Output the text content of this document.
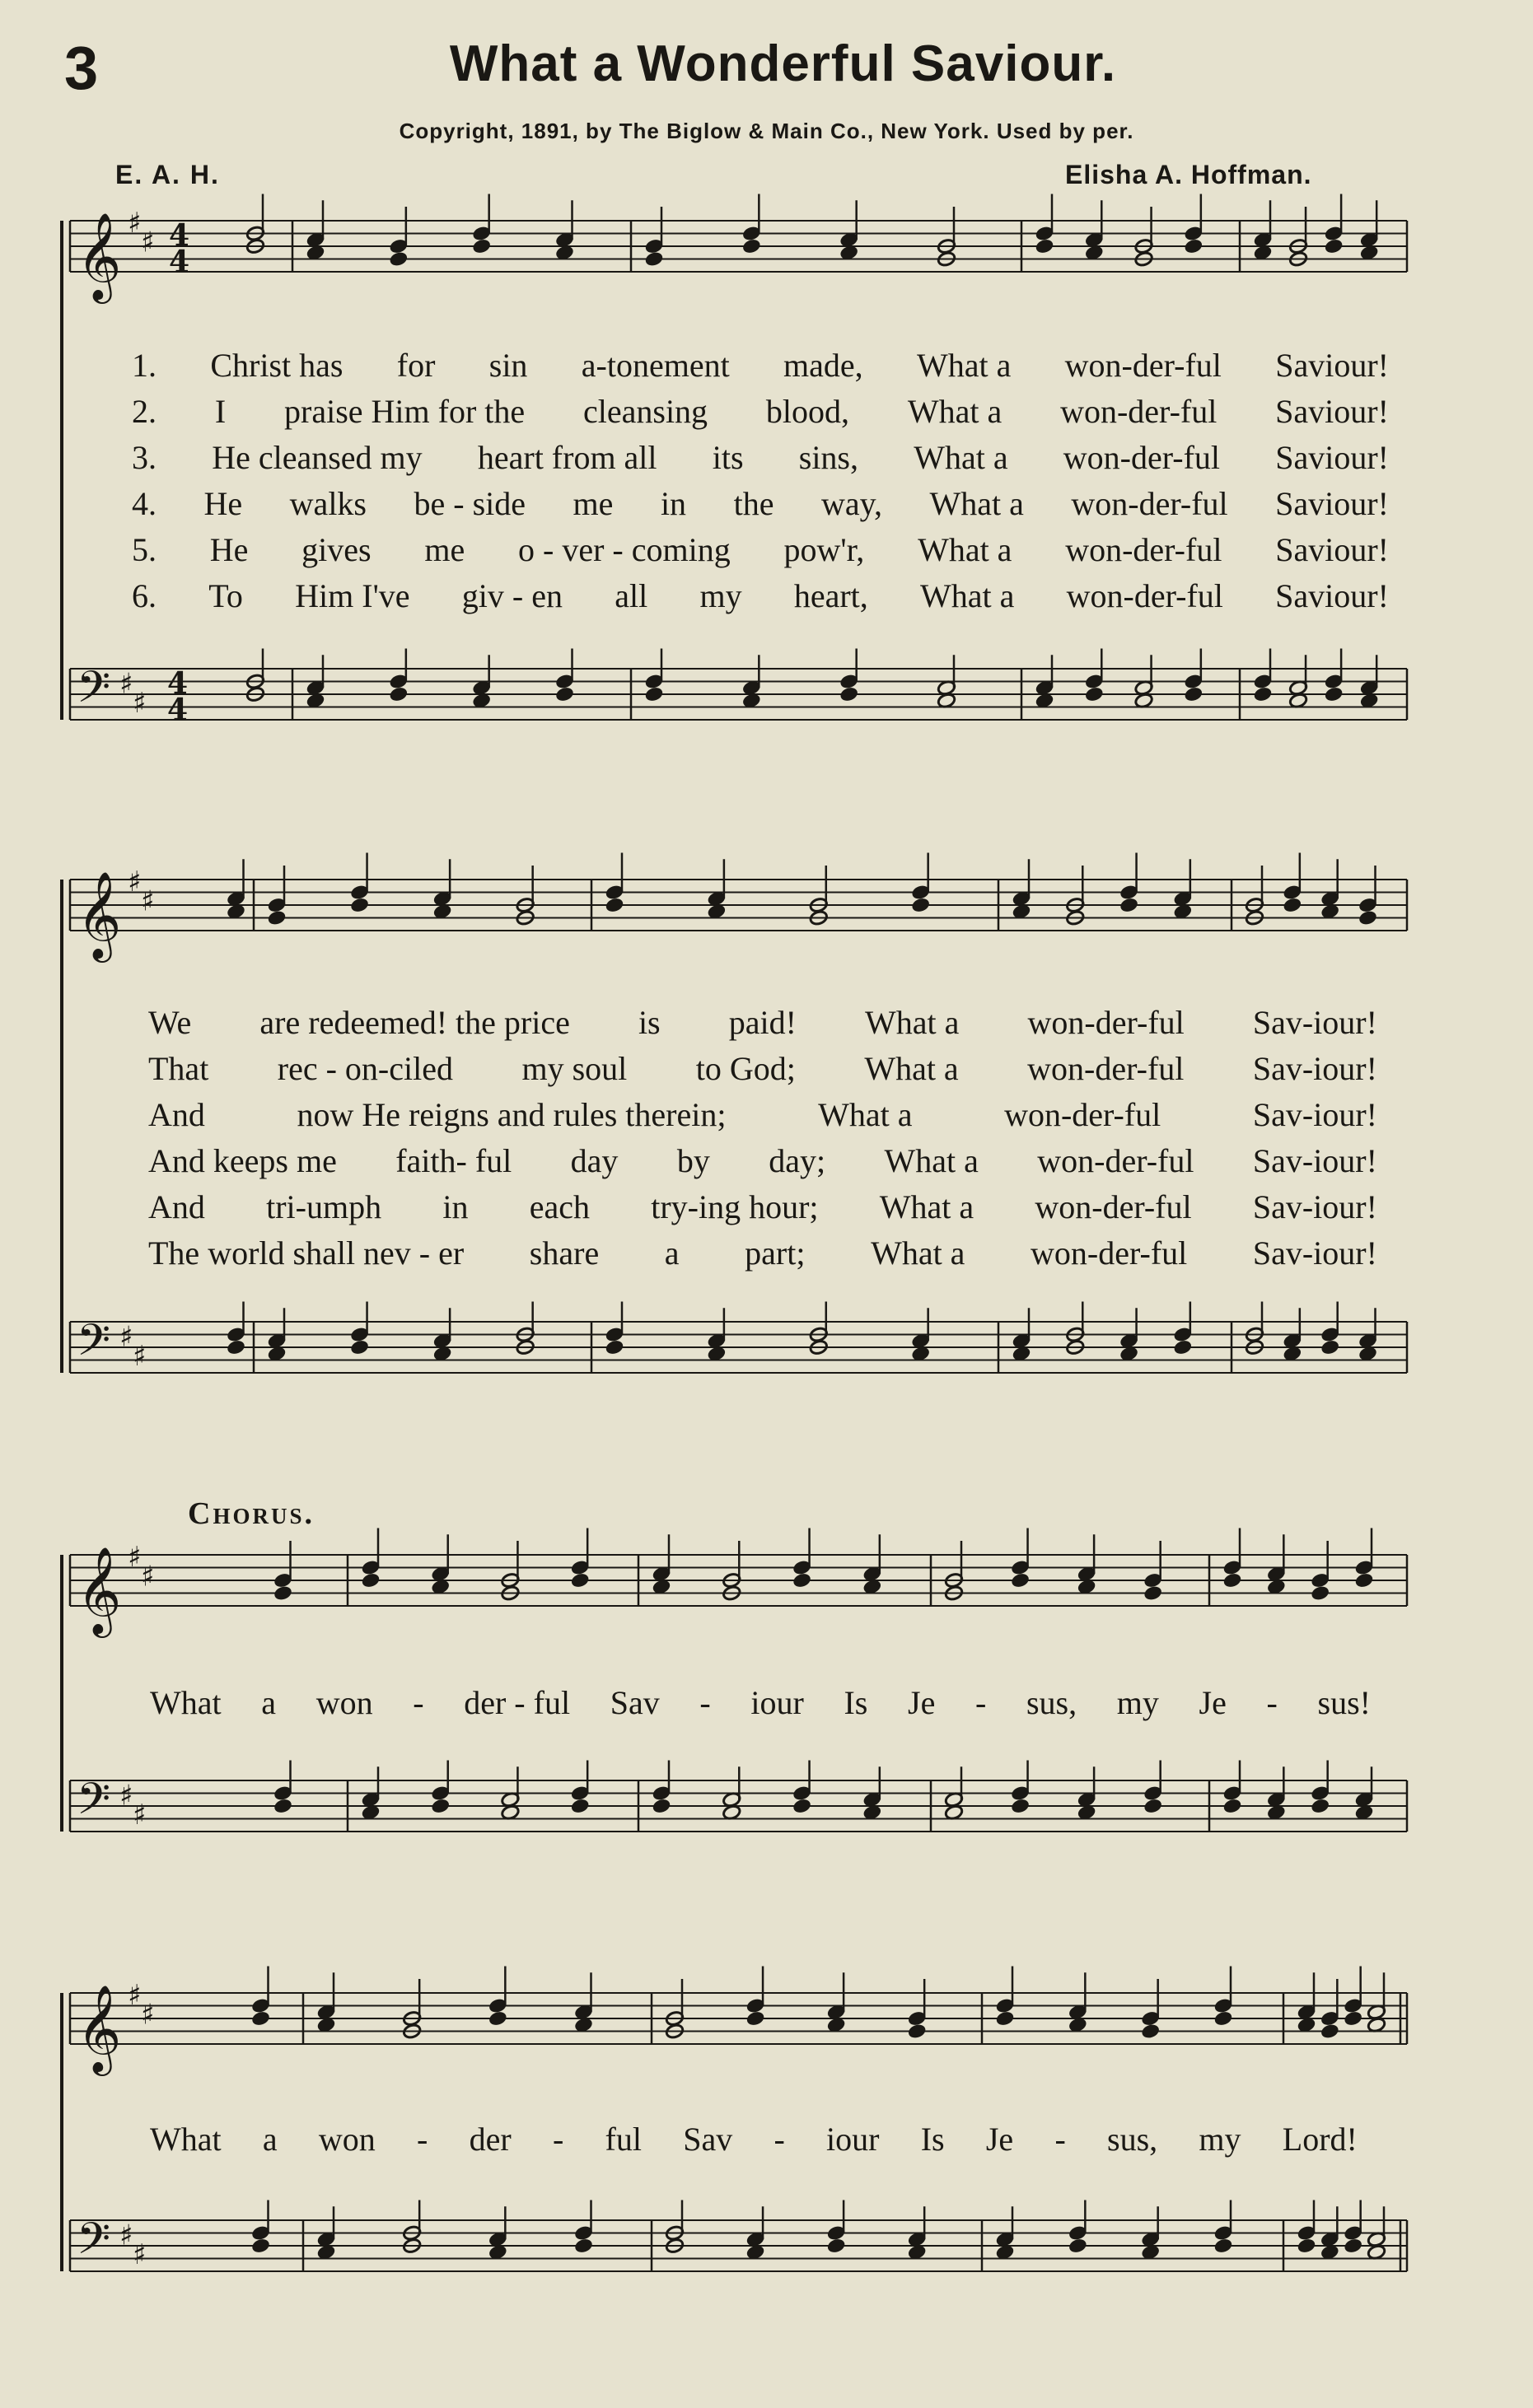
3	What a Wonderful Saviour.
Copyright, 1891, by The Biglow & Main Co., New York. Used by per.
E. A. H.	Elisha A. Hoffman.
𝄞
𝄢
♯
♯
♯
♯
4
4
4
4
𝄞
𝄢
♯
♯
♯
♯
𝄞
𝄢
♯
♯
♯
♯
𝄞
𝄢
♯
♯
♯
♯
1. Christ has for sin a-tonement made, What a won-der-ful Saviour!
2. I praise Him for the cleansing blood, What a won-der-ful Saviour!
3. He cleansed my heart from all its sins, What a won-der-ful Saviour!
4. He walks be - side me in the way, What a won-der-ful Saviour!
5. He gives me o - ver - coming pow'r, What a won-der-ful Saviour!
6. To Him I've giv - en all my heart, What a won-der-ful Saviour!
We are redeemed! the price is paid! What a won-der-ful Sav-iour!
That rec - on-ciled my soul to God; What a won-der-ful Sav-iour!
And	now He reigns and rules therein;	What a	won-der-ful	Sav-iour!
And keeps me faith- ful day by day; What a won-der-ful Sav-iour!
And tri-umph in each try-ing hour; What a won-der-ful Sav-iour!
The world shall nev - er share a part; What a won-der-ful Sav-iour!
Chorus.
What a won - der - ful Sav - iour Is Je - sus, my Je - sus!
What a won - der - ful Sav - iour Is Je - sus, my Lord!
